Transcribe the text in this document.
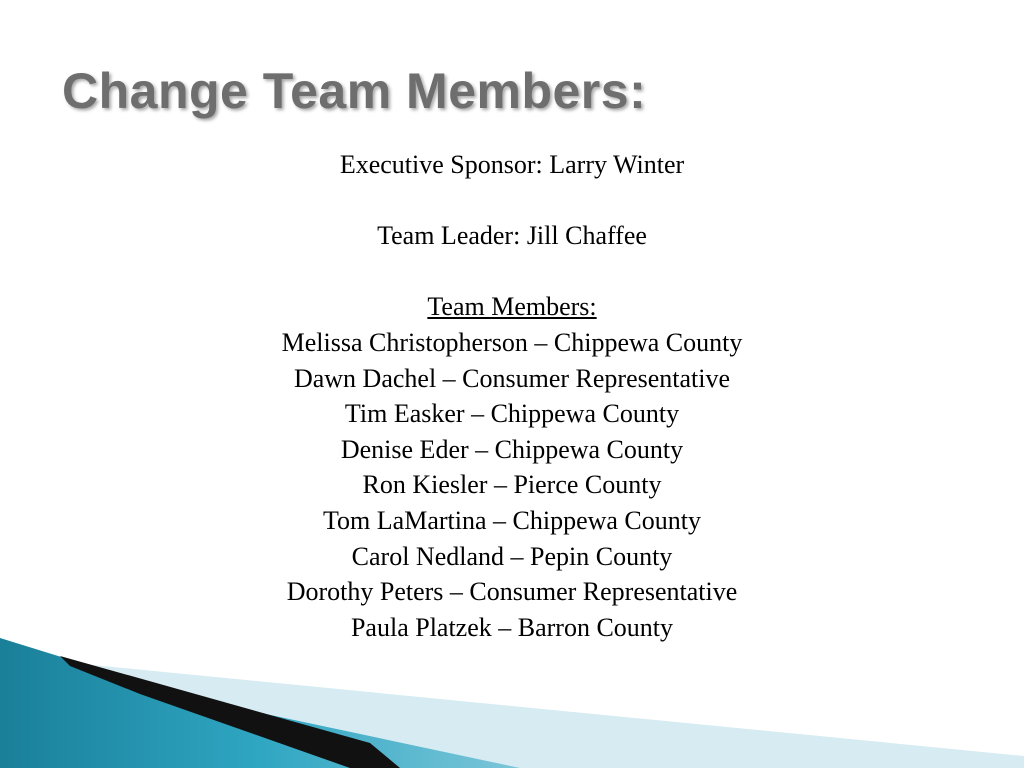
Change Team Members:
Executive Sponsor: Larry Winter
Team Leader: Jill Chaffee
Team Members:
Melissa Christopherson – Chippewa County
Dawn Dachel – Consumer Representative
Tim Easker – Chippewa County
Denise Eder – Chippewa County
Ron Kiesler – Pierce County
Tom LaMartina – Chippewa County
Carol Nedland – Pepin County
Dorothy Peters – Consumer Representative
Paula Platzek – Barron County
